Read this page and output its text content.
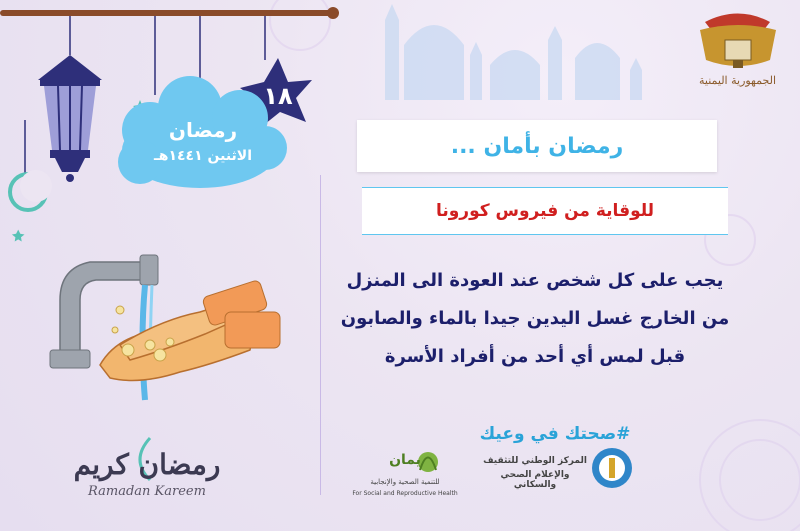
الجمهورية اليمنية
١٨
رمضان
الاثنين ١٤٤١هـ	رمضان بأمان ...
للوقاية من فيروس كورونا
يجب على كل شخص عند العودة الى المنزل
من الخارج غسل اليدين جيدا بالماء والصابون
قبل لمس أي أحد من أفراد الأسرة
#صحتك في وعيك
رمضان كريم
Ramadan Kareem
يمان
للتنمية الصحية والإنجابية
For Social and Reproductive Health
المركز الوطني للتثقيف
والإعلام الصحي والسكاني
